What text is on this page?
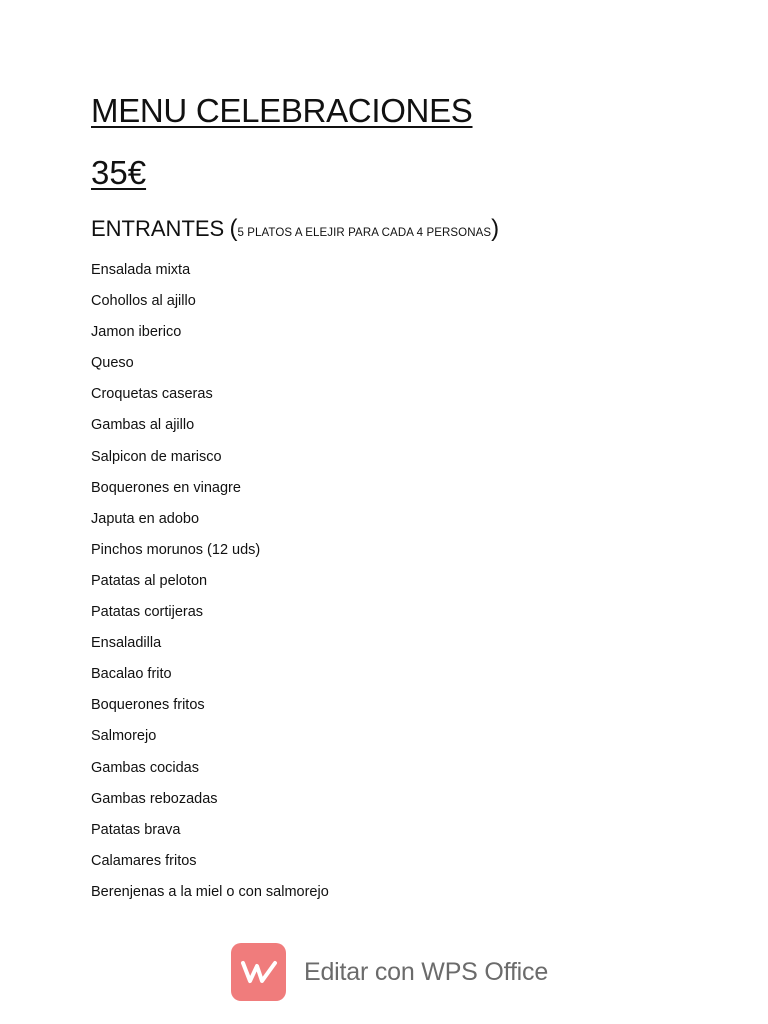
MENU CELEBRACIONES
35€
ENTRANTES (5 PLATOS A ELEJIR PARA CADA 4 PERSONAS)
Ensalada mixta
Cohollos al ajillo
Jamon iberico
Queso
Croquetas caseras
Gambas al ajillo
Salpicon de marisco
Boquerones en vinagre
Japuta en adobo
Pinchos morunos (12 uds)
Patatas al peloton
Patatas cortijeras
Ensaladilla
Bacalao frito
Boquerones fritos
Salmorejo
Gambas cocidas
Gambas rebozadas
Patatas brava
Calamares fritos
Berenjenas a la miel o con salmorejo
Editar con WPS Office
